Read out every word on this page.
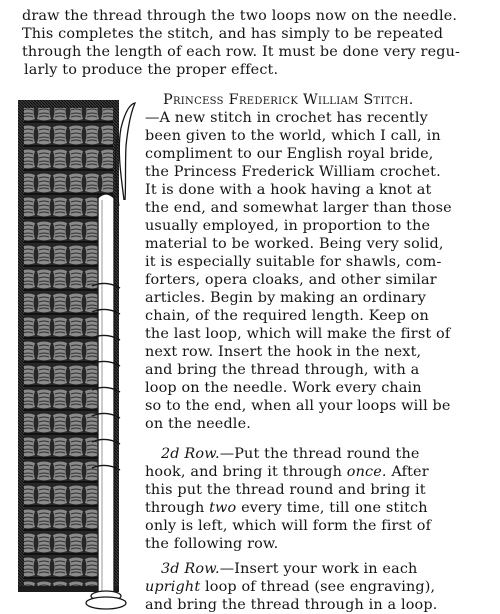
draw the thread through the two loops now on the needle.
This completes the stitch, and has simply to be repeated
through the length of each row. It must be done very regu-
larly to produce the proper effect.
Princess Frederick William Stitch.
—A new stitch in crochet has recently
been given to the world, which I call, in
compliment to our English royal bride,
the Princess Frederick William crochet.
It is done with a hook having a knot at
the end, and somewhat larger than those
usually employed, in proportion to the
material to be worked. Being very solid,
it is especially suitable for shawls, com-
forters, opera cloaks, and other similar
articles. Begin by making an ordinary
chain, of the required length. Keep on
the last loop, which will make the first of
next row. Insert the hook in the next,
and bring the thread through, with a
loop on the needle. Work every chain
so to the end, when all your loops will be
on the needle.
2d Row.—Put the thread round the
hook, and bring it through once. After
this put the thread round and bring it
through two every time, till one stitch
only is left, which will form the first of
the following row.
3d Row.—Insert your work in each
upright loop of thread (see engraving),
and bring the thread through in a loop.
